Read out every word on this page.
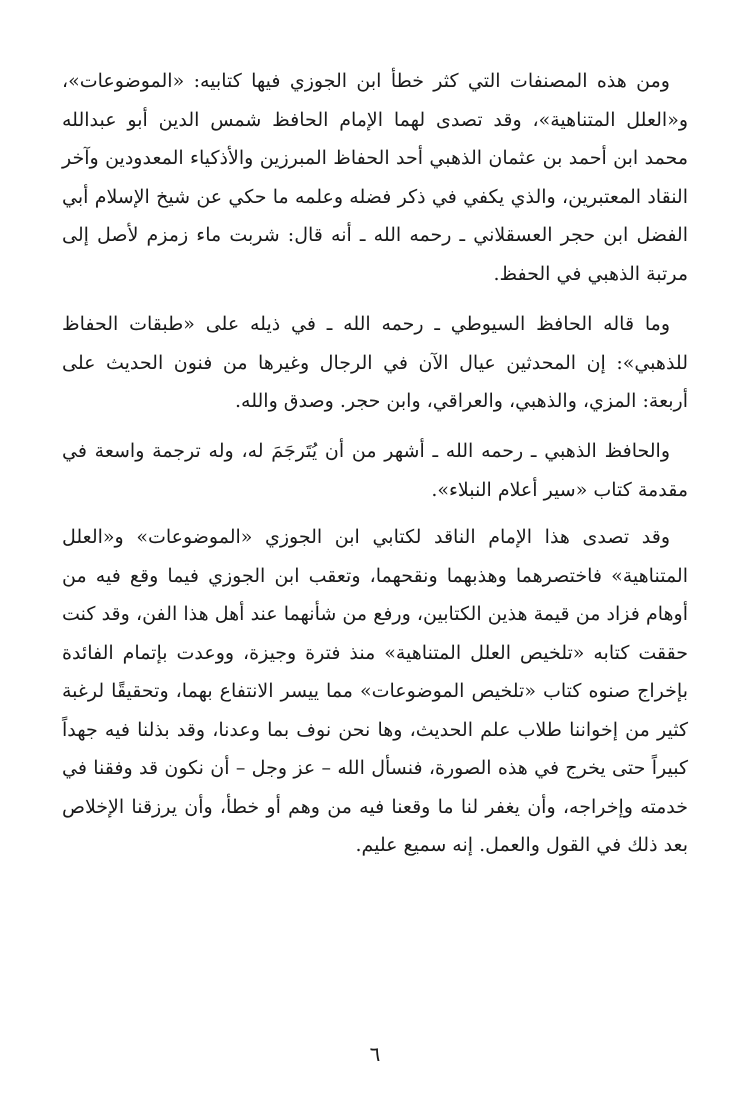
ومن هذه المصنفات التي كثر خطأ ابن الجوزي فيها كتابيه: «الموضوعات»، و«العلل المتناهية»، وقد تصدى لهما الإمام الحافظ شمس الدين أبو عبدالله محمد ابن أحمد بن عثمان الذهبي أحد الحفاظ المبرزين والأذكياء المعدودين وآخر النقاد المعتبرين، والذي يكفي في ذكر فضله وعلمه ما حكي عن شيخ الإسلام أبي الفضل ابن حجر العسقلاني ـ رحمه الله ـ أنه قال: شربت ماء زمزم لأصل إلى مرتبة الذهبي في الحفظ.

وما قاله الحافظ السيوطي ـ رحمه الله ـ في ذيله على «طبقات الحفاظ للذهبي»: إن المحدثين عيال الآن في الرجال وغيرها من فنون الحديث على أربعة: المزي، والذهبي، والعراقي، وابن حجر. وصدق والله.

والحافظ الذهبي ـ رحمه الله ـ أشهر من أن يُتَرجَمَ له، وله ترجمة واسعة في مقدمة كتاب «سير أعلام النبلاء».

وقد تصدى هذا الإمام الناقد لكتابي ابن الجوزي «الموضوعات» و«العلل المتناهية» فاختصرهما وهذبهما ونقحهما، وتعقب ابن الجوزي فيما وقع فيه من أوهام فزاد من قيمة هذين الكتابين، ورفع من شأنهما عند أهل هذا الفن، وقد كنت حققت كتابه «تلخيص العلل المتناهية» منذ فترة وجيزة، ووعدت بإتمام الفائدة بإخراج صنوه كتاب «تلخيص الموضوعات» مما ييسر الانتفاع بهما، وتحقيقًا لرغبة كثير من إخواننا طلاب علم الحديث، وها نحن نوف بما وعدنا، وقد بذلنا فيه جهداً كبيراً حتى يخرج في هذه الصورة، فنسأل الله – عز وجل – أن نكون قد وفقنا في خدمته وإخراجه، وأن يغفر لنا ما وقعنا فيه من وهم أو خطأ، وأن يرزقنا الإخلاص بعد ذلك في القول والعمل. إنه سميع عليم.

٦
